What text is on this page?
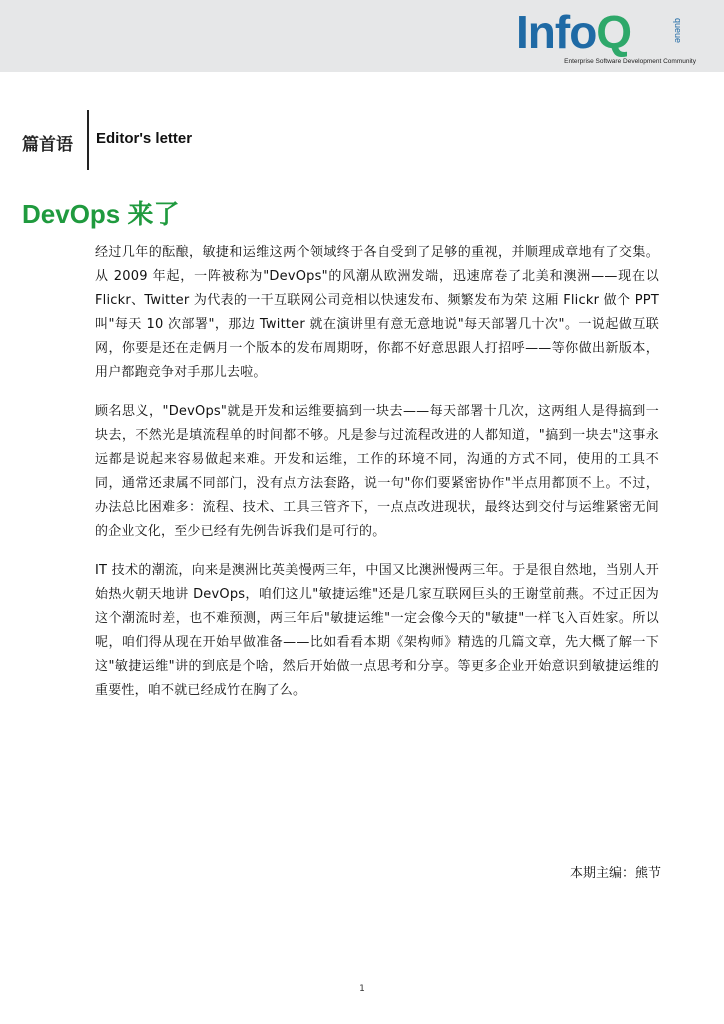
InfoQ	queue
Enterprise Software Development Community
篇首语 Editor's letter
DevOps 来了

经过几年的酝酿，敏捷和运维这两个领域终于各自受到了足够的重视，并顺理成章地有了交集。从 2009 年起，一阵被称为"DevOps"的风潮从欧洲发端，迅速席卷了北美和澳洲——现在以 Flickr、Twitter 为代表的一干互联网公司竞相以快速发布、频繁发布为荣 这厢 Flickr 做个 PPT 叫"每天 10 次部署"，那边 Twitter 就在演讲里有意无意地说"每天部署几十次"。一说起做互联网，你要是还在走俩月一个版本的发布周期呀，你都不好意思跟人打招呼——等你做出新版本，用户都跑竞争对手那儿去啦。

顾名思义，"DevOps"就是开发和运维要搞到一块去——每天部署十几次，这两组人是得搞到一块去，不然光是填流程单的时间都不够。凡是参与过流程改进的人都知道，"搞到一块去"这事永远都是说起来容易做起来难。开发和运维，工作的环境不同，沟通的方式不同，使用的工具不同，通常还隶属不同部门，没有点方法套路，说一句"你们要紧密协作"半点用都顶不上。不过，办法总比困难多：流程、技术、工具三管齐下，一点点改进现状，最终达到交付与运维紧密无间的企业文化，至少已经有先例告诉我们是可行的。

IT 技术的潮流，向来是澳洲比英美慢两三年，中国又比澳洲慢两三年。于是很自然地，当别人开始热火朝天地讲 DevOps，咱们这儿"敏捷运维"还是几家互联网巨头的王谢堂前燕。不过正因为这个潮流时差，也不难预测，两三年后"敏捷运维"一定会像今天的"敏捷"一样飞入百姓家。所以呢，咱们得从现在开始早做准备——比如看看本期《架构师》精选的几篇文章，先大概了解一下这"敏捷运维"讲的到底是个啥，然后开始做一点思考和分享。等更多企业开始意识到敏捷运维的重要性，咱不就已经成竹在胸了么。

本期主编：熊节
1
